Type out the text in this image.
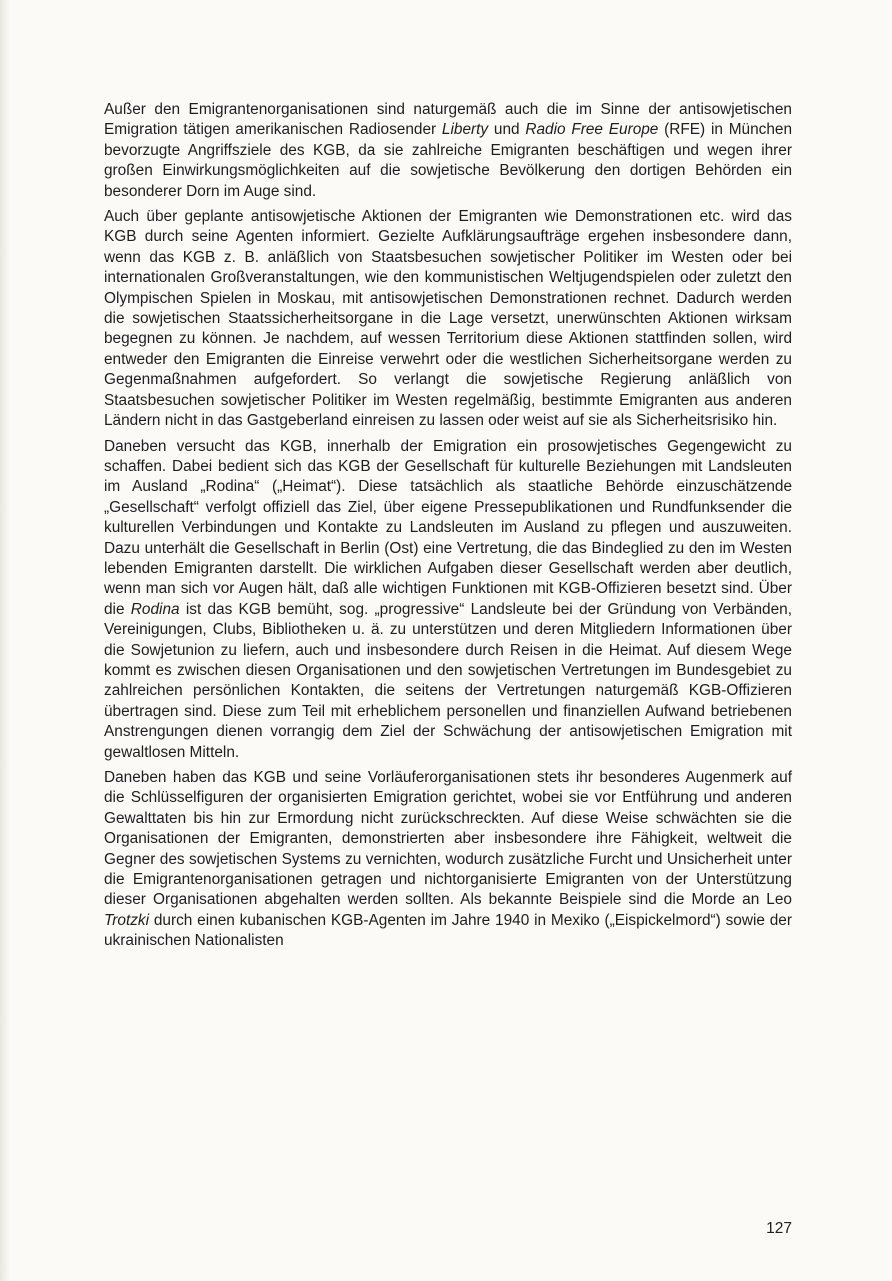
Außer den Emigrantenorganisationen sind naturgemäß auch die im Sinne der antisowjetischen Emigration tätigen amerikanischen Radiosender Liberty und Radio Free Europe (RFE) in München bevorzugte Angriffsziele des KGB, da sie zahlreiche Emigranten beschäftigen und wegen ihrer großen Einwirkungsmöglichkeiten auf die sowjetische Bevölkerung den dortigen Behörden ein besonderer Dorn im Auge sind.

Auch über geplante antisowjetische Aktionen der Emigranten wie Demonstrationen etc. wird das KGB durch seine Agenten informiert. Gezielte Aufklärungsaufträge ergehen insbesondere dann, wenn das KGB z. B. anläßlich von Staatsbesuchen sowjetischer Politiker im Westen oder bei internationalen Großveranstaltungen, wie den kommunistischen Weltjugendspielen oder zuletzt den Olympischen Spielen in Moskau, mit antisowjetischen Demonstrationen rechnet. Dadurch werden die sowjetischen Staatssicherheitsorgane in die Lage versetzt, unerwünschten Aktionen wirksam begegnen zu können. Je nachdem, auf wessen Territorium diese Aktionen stattfinden sollen, wird entweder den Emigranten die Einreise verwehrt oder die westlichen Sicherheitsorgane werden zu Gegenmaßnahmen aufgefordert. So verlangt die sowjetische Regierung anläßlich von Staatsbesuchen sowjetischer Politiker im Westen regelmäßig, bestimmte Emigranten aus anderen Ländern nicht in das Gastgeberland einreisen zu lassen oder weist auf sie als Sicherheitsrisiko hin.

Daneben versucht das KGB, innerhalb der Emigration ein prosowjetisches Gegengewicht zu schaffen. Dabei bedient sich das KGB der Gesellschaft für kulturelle Beziehungen mit Landsleuten im Ausland „Rodina“ („Heimat“). Diese tatsächlich als staatliche Behörde einzuschätzende „Gesellschaft“ verfolgt offiziell das Ziel, über eigene Pressepublikationen und Rundfunksender die kulturellen Verbindungen und Kontakte zu Landsleuten im Ausland zu pflegen und auszuweiten. Dazu unterhält die Gesellschaft in Berlin (Ost) eine Vertretung, die das Bindeglied zu den im Westen lebenden Emigranten darstellt. Die wirklichen Aufgaben dieser Gesellschaft werden aber deutlich, wenn man sich vor Augen hält, daß alle wichtigen Funktionen mit KGB-Offizieren besetzt sind. Über die Rodina ist das KGB bemüht, sog. „progressive“ Landsleute bei der Gründung von Verbänden, Vereinigungen, Clubs, Bibliotheken u. ä. zu unterstützen und deren Mitgliedern Informationen über die Sowjetunion zu liefern, auch und insbesondere durch Reisen in die Heimat. Auf diesem Wege kommt es zwischen diesen Organisationen und den sowjetischen Vertretungen im Bundesgebiet zu zahlreichen persönlichen Kontakten, die seitens der Vertretungen naturgemäß KGB-Offizieren übertragen sind. Diese zum Teil mit erheblichem personellen und finanziellen Aufwand betriebenen Anstrengungen dienen vorrangig dem Ziel der Schwächung der antisowjetischen Emigration mit gewaltlosen Mitteln.

Daneben haben das KGB und seine Vorläuferorganisationen stets ihr besonderes Augenmerk auf die Schlüsselfiguren der organisierten Emigration gerichtet, wobei sie vor Entführung und anderen Gewalttaten bis hin zur Ermordung nicht zurückschreckten. Auf diese Weise schwächten sie die Organisationen der Emigranten, demonstrierten aber insbesondere ihre Fähigkeit, weltweit die Gegner des sowjetischen Systems zu vernichten, wodurch zusätzliche Furcht und Unsicherheit unter die Emigrantenorganisationen getragen und nichtorganisierte Emigranten von der Unterstützung dieser Organisationen abgehalten werden sollten. Als bekannte Beispiele sind die Morde an Leo Trotzki durch einen kubanischen KGB-Agenten im Jahre 1940 in Mexiko („Eispickelmord“) sowie der ukrainischen Nationalisten

127
